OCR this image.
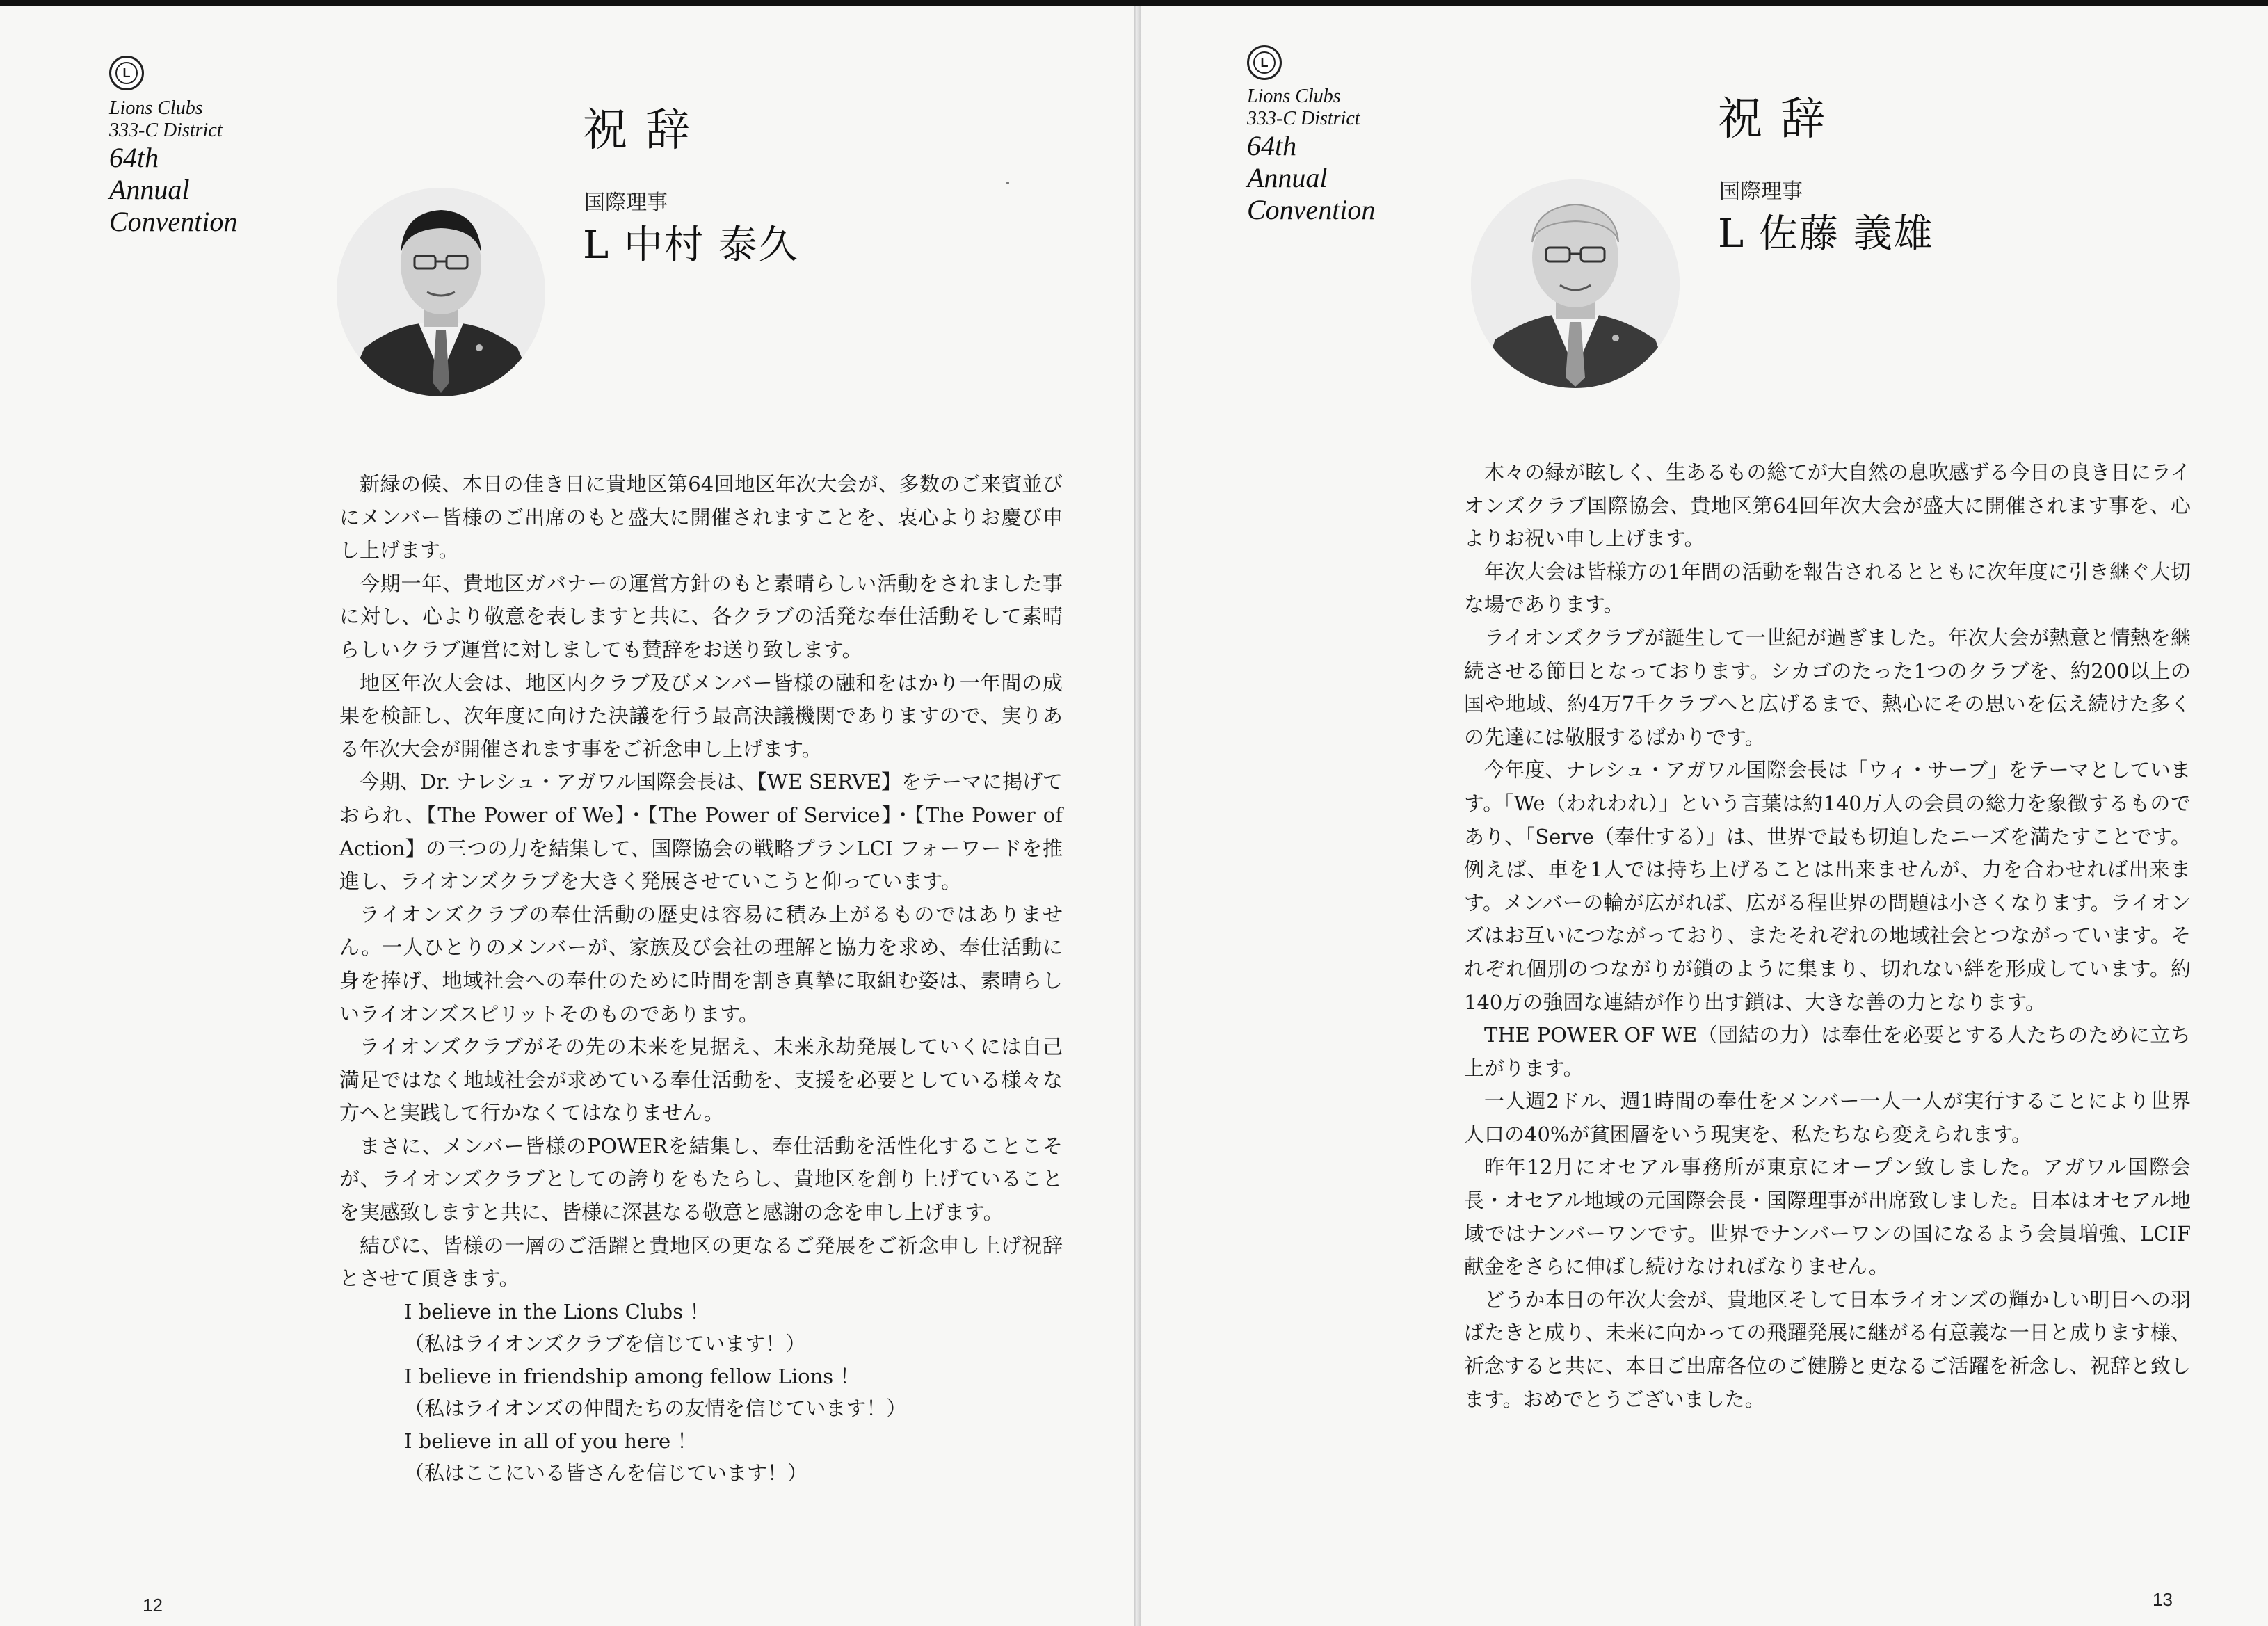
L
Lions Clubs
333-C District
64th
Annual
Convention
祝辞
国際理事
L 中村 泰久

新緑の候、本日の佳き日に貴地区第64回地区年次大会が、多数のご来賓並びにメンバー皆様のご出席のもと盛大に開催されますことを、衷心よりお慶び申し上げます。

今期一年、貴地区ガバナーの運営方針のもと素晴らしい活動をされました事に対し、心より敬意を表しますと共に、各クラブの活発な奉仕活動そして素晴らしいクラブ運営に対しましても賛辞をお送り致します。

地区年次大会は、地区内クラブ及びメンバー皆様の融和をはかり一年間の成果を検証し、次年度に向けた決議を行う最高決議機関でありますので、実りある年次大会が開催されます事をご祈念申し上げます。

今期、Dr. ナレシュ・アガワル国際会長は、【WE SERVE】をテーマに掲げておられ、【The Power of We】・【The Power of Service】・【The Power of Action】の三つの力を結集して、国際協会の戦略プランLCI フォーワードを推進し、ライオンズクラブを大きく発展させていこうと仰っています。

ライオンズクラブの奉仕活動の歴史は容易に積み上がるものではありません。一人ひとりのメンバーが、家族及び会社の理解と協力を求め、奉仕活動に身を捧げ、地域社会への奉仕のために時間を割き真摯に取組む姿は、素晴らしいライオンズスピリットそのものであります。

ライオンズクラブがその先の未来を見据え、未来永劫発展していくには自己満足ではなく地域社会が求めている奉仕活動を、支援を必要としている様々な方へと実践して行かなくてはなりません。

まさに、メンバー皆様のPOWERを結集し、奉仕活動を活性化することこそが、ライオンズクラブとしての誇りをもたらし、貴地区を創り上げていることを実感致しますと共に、皆様に深甚なる敬意と感謝の念を申し上げます。

結びに、皆様の一層のご活躍と貴地区の更なるご発展をご祈念申し上げ祝辞とさせて頂きます。

I believe in the Lions Clubs ！

（私はライオンズクラブを信じています！）

I believe in friendship among fellow Lions ！

（私はライオンズの仲間たちの友情を信じています！）

I believe in all of you here ！

（私はここにいる皆さんを信じています！）

12
L
Lions Clubs
333-C District
64th
Annual
Convention
祝辞
国際理事
L 佐藤 義雄

木々の緑が眩しく、生あるもの総てが大自然の息吹感ずる今日の良き日にライオンズクラブ国際協会、貴地区第64回年次大会が盛大に開催されます事を、心よりお祝い申し上げます。

年次大会は皆様方の1年間の活動を報告されるとともに次年度に引き継ぐ大切な場であります。

ライオンズクラブが誕生して一世紀が過ぎました。年次大会が熱意と情熱を継続させる節目となっております。シカゴのたった1つのクラブを、約200以上の国や地域、約4万7千クラブへと広げるまで、熱心にその思いを伝え続けた多くの先達には敬服するばかりです。

今年度、ナレシュ・アガワル国際会長は「ウィ・サーブ」をテーマとしています。「We（われわれ）」という言葉は約140万人の会員の総力を象徴するものであり、「Serve（奉仕する）」は、世界で最も切迫したニーズを満たすことです。例えば、車を1人では持ち上げることは出来ませんが、力を合わせれば出来ます。メンバーの輪が広がれば、広がる程世界の問題は小さくなります。ライオンズはお互いにつながっており、またそれぞれの地域社会とつながっています。それぞれ個別のつながりが鎖のように集まり、切れない絆を形成しています。約140万の強固な連結が作り出す鎖は、大きな善の力となります。

THE POWER OF WE（団結の力）は奉仕を必要とする人たちのために立ち上がります。

一人週2ドル、週1時間の奉仕をメンバー一人一人が実行することにより世界人口の40%が貧困層をいう現実を、私たちなら変えられます。

昨年12月にオセアル事務所が東京にオープン致しました。アガワル国際会長・オセアル地域の元国際会長・国際理事が出席致しました。日本はオセアル地域ではナンバーワンです。世界でナンバーワンの国になるよう会員増強、LCIF 献金をさらに伸ばし続けなければなりません。

どうか本日の年次大会が、貴地区そして日本ライオンズの輝かしい明日への羽ばたきと成り、未来に向かっての飛躍発展に継がる有意義な一日と成ります様、祈念すると共に、本日ご出席各位のご健勝と更なるご活躍を祈念し、祝辞と致します。おめでとうございました。

13
